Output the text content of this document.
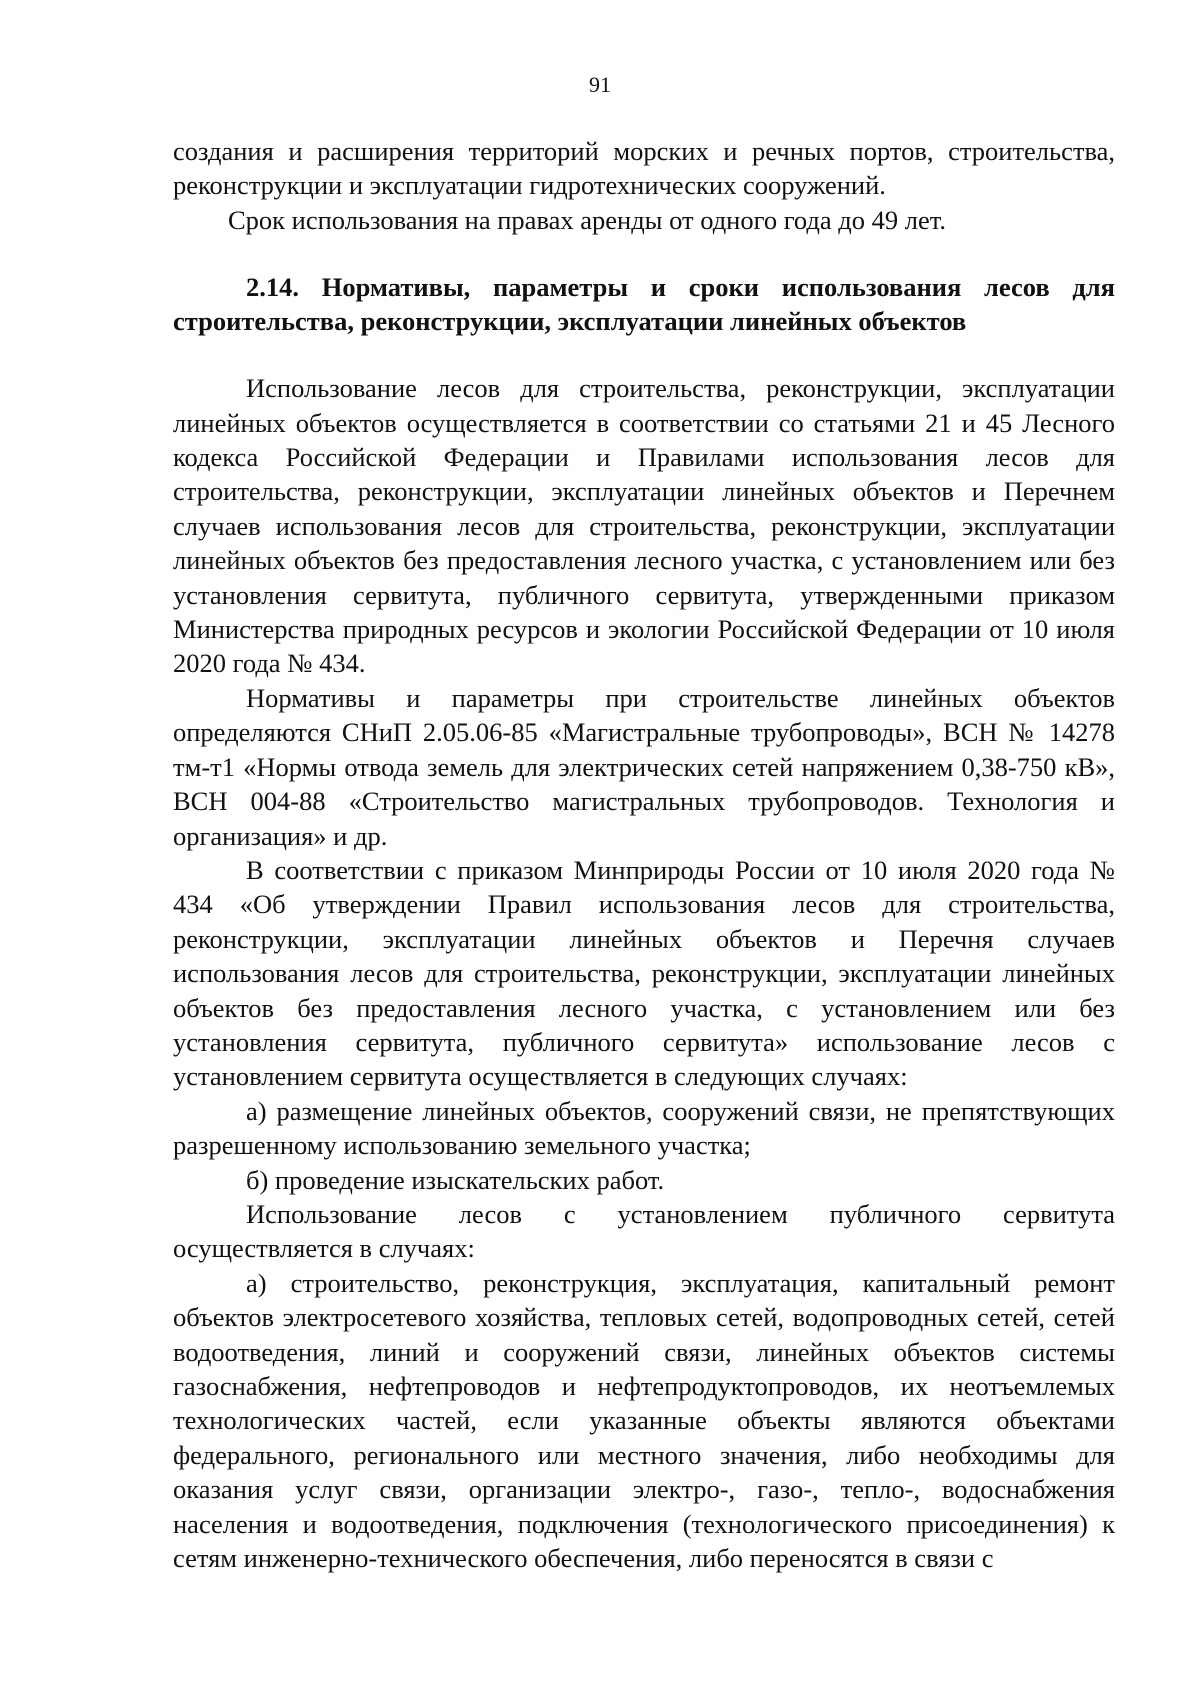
91

создания и расширения территорий морских и речных портов, строительства, реконструкции и эксплуатации гидротехнических сооружений.

Срок использования на правах аренды от одного года до 49 лет.

2.14. Нормативы, параметры и сроки использования лесов для строительства, реконструкции, эксплуатации линейных объектов

Использование лесов для строительства, реконструкции, эксплуатации линейных объектов осуществляется в соответствии со статьями 21 и 45 Лесного кодекса Российской Федерации и Правилами использования лесов для строительства, реконструкции, эксплуатации линейных объектов и Перечнем случаев использования лесов для строительства, реконструкции, эксплуатации линейных объектов без предоставления лесного участка, с установлением или без установления сервитута, публичного сервитута, утвержденными приказом Министерства природных ресурсов и экологии Российской Федерации от 10 июля 2020 года № 434.

Нормативы и параметры при строительстве линейных объектов определяются СНиП 2.05.06-85 «Магистральные трубопроводы», ВСН № 14278 тм-т1 «Нормы отвода земель для электрических сетей напряжением 0,38-750 кВ», ВСН 004-88 «Строительство магистральных трубопроводов. Технология и организация» и др.

В соответствии с приказом Минприроды России от 10 июля 2020 года № 434 «Об утверждении Правил использования лесов для строительства, реконструкции, эксплуатации линейных объектов и Перечня случаев использования лесов для строительства, реконструкции, эксплуатации линейных объектов без предоставления лесного участка, с установлением или без установления сервитута, публичного сервитута» использование лесов с установлением сервитута осуществляется в следующих случаях:

а) размещение линейных объектов, сооружений связи, не препятствующих разрешенному использованию земельного участка;

б) проведение изыскательских работ.

Использование лесов с установлением публичного сервитута осуществляется в случаях:

а) строительство, реконструкция, эксплуатация, капитальный ремонт объектов электросетевого хозяйства, тепловых сетей, водопроводных сетей, сетей водоотведения, линий и сооружений связи, линейных объектов системы газоснабжения, нефтепроводов и нефтепродуктопроводов, их неотъемлемых технологических частей, если указанные объекты являются объектами федерального, регионального или местного значения, либо необходимы для оказания услуг связи, организации электро-, газо-, тепло-, водоснабжения населения и водоотведения, подключения (технологического присоединения) к сетям инженерно-технического обеспечения, либо переносятся в связи с
